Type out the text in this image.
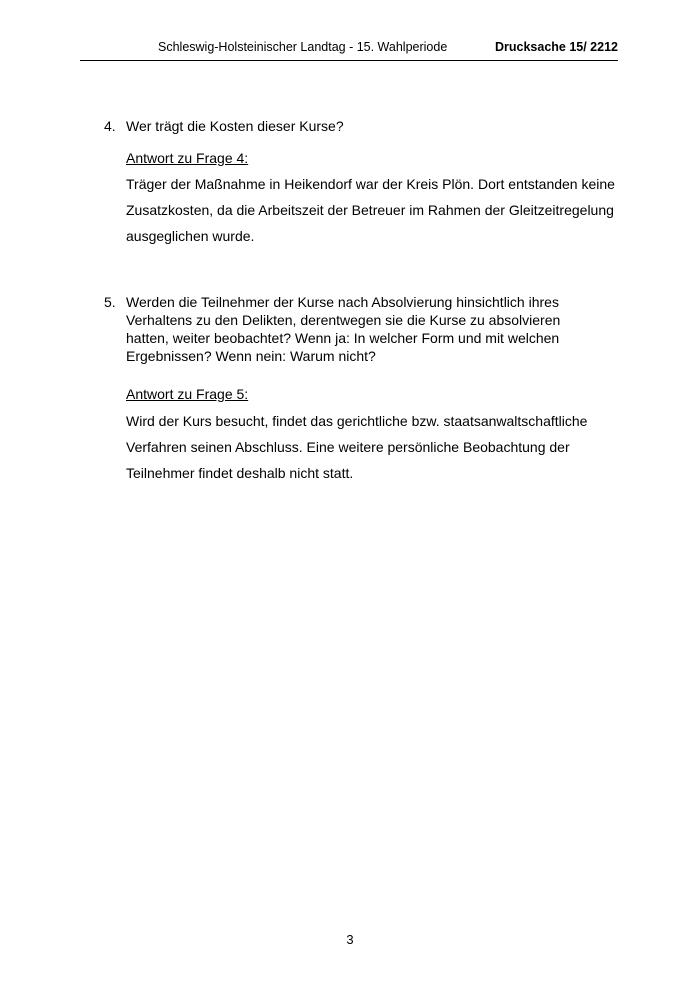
Schleswig-Holsteinischer Landtag - 15. Wahlperiode	Drucksache 15/ 2212
4. Wer trägt die Kosten dieser Kurse?
Antwort zu Frage 4:
Träger der Maßnahme in Heikendorf war der Kreis Plön. Dort entstanden keine Zusatzkosten, da die Arbeitszeit der Betreuer im Rahmen der Gleitzeitregelung ausgeglichen wurde.
5. Werden die Teilnehmer der Kurse nach Absolvierung hinsichtlich ihres Verhaltens zu den Delikten, derentwegen sie die Kurse zu absolvieren hatten, weiter beobachtet? Wenn ja: In welcher Form und mit welchen Ergebnissen? Wenn nein: Warum nicht?
Antwort zu Frage 5:
Wird der Kurs besucht, findet das gerichtliche bzw. staatsanwaltschaftliche Verfahren seinen Abschluss. Eine weitere persönliche Beobachtung der Teilnehmer findet deshalb nicht statt.
3
